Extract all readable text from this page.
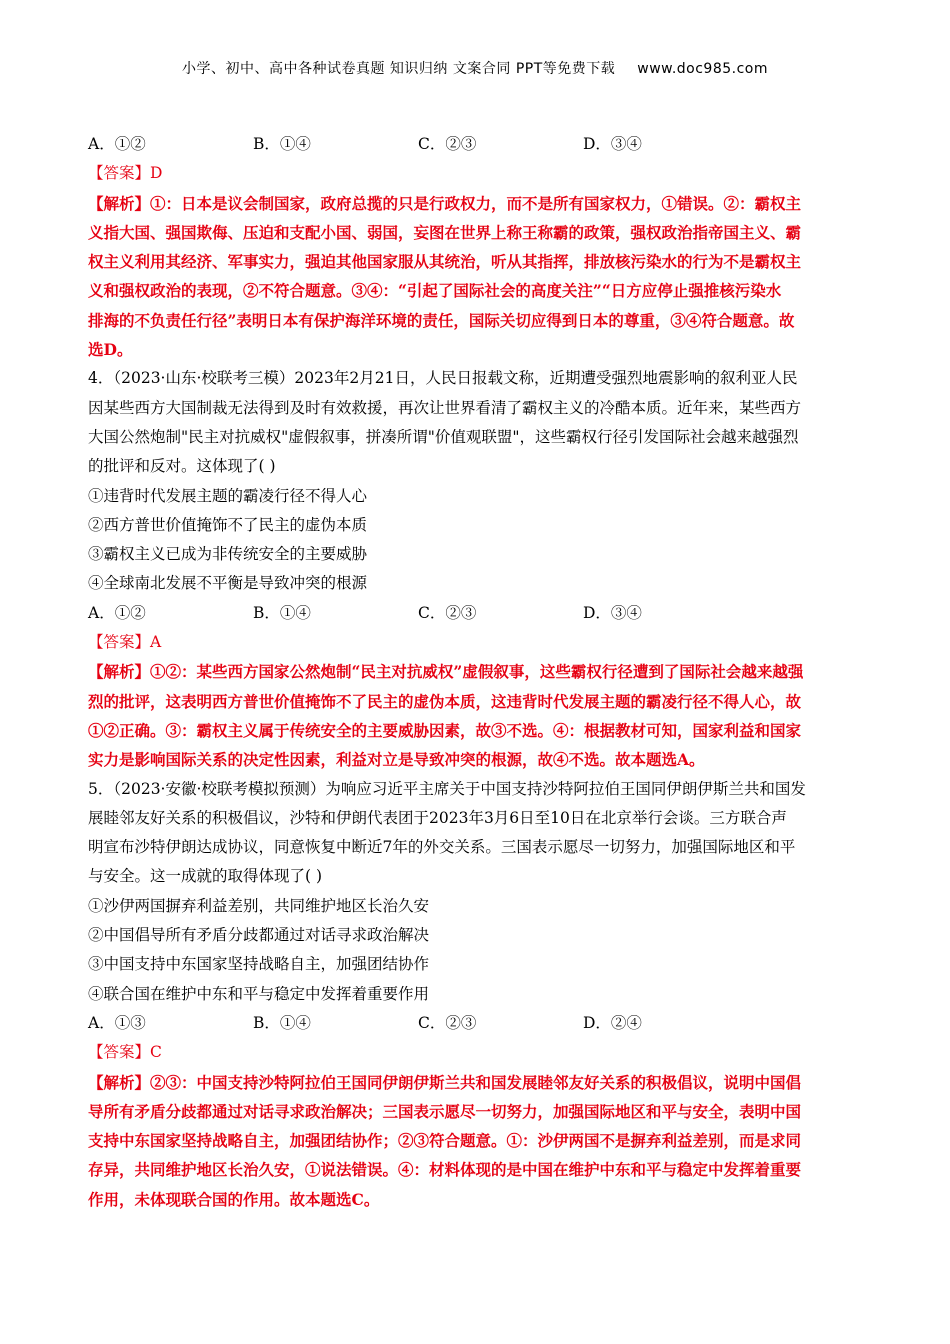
小学、初中、高中各种试卷真题 知识归纳 文案合同 PPT等免费下载 www.doc985.com
A．①②	B．①④	C．②③	D．③④
【答案】D
【解析】①：日本是议会制国家，政府总揽的只是行政权力，而不是所有国家权力，①错误。②：霸权主
义指大国、强国欺侮、压迫和支配小国、弱国，妄图在世界上称王称霸的政策，强权政治指帝国主义、霸
权主义利用其经济、军事实力，强迫其他国家服从其统治，听从其指挥，排放核污染水的行为不是霸权主
义和强权政治的表现，②不符合题意。③④：“引起了国际社会的高度关注”“日方应停止强推核污染水
排海的不负责任行径”表明日本有保护海洋环境的责任，国际关切应得到日本的尊重，③④符合题意。故
选D。
4．（2023·山东·校联考三模）2023年2月21日，人民日报载文称，近期遭受强烈地震影响的叙利亚人民
因某些西方大国制裁无法得到及时有效救援，再次让世界看清了霸权主义的冷酷本质。近年来，某些西方
大国公然炮制"民主对抗威权"虚假叙事，拼凑所谓"价值观联盟"，这些霸权行径引发国际社会越来越强烈
的批评和反对。这体现了( )
①违背时代发展主题的霸凌行径不得人心
②西方普世价值掩饰不了民主的虚伪本质
③霸权主义已成为非传统安全的主要威胁
④全球南北发展不平衡是导致冲突的根源
A．①②	B．①④	C．②③	D．③④
【答案】A
【解析】①②：某些西方国家公然炮制“民主对抗威权”虚假叙事，这些霸权行径遭到了国际社会越来越强
烈的批评，这表明西方普世价值掩饰不了民主的虚伪本质，这违背时代发展主题的霸凌行径不得人心，故
①②正确。③：霸权主义属于传统安全的主要威胁因素，故③不选。④：根据教材可知，国家利益和国家
实力是影响国际关系的决定性因素，利益对立是导致冲突的根源，故④不选。故本题选A。
5．（2023·安徽·校联考模拟预测）为响应习近平主席关于中国支持沙特阿拉伯王国同伊朗伊斯兰共和国发
展睦邻友好关系的积极倡议，沙特和伊朗代表团于2023年3月6日至10日在北京举行会谈。三方联合声
明宣布沙特伊朗达成协议，同意恢复中断近7年的外交关系。三国表示愿尽一切努力，加强国际地区和平
与安全。这一成就的取得体现了( )
①沙伊两国摒弃利益差别，共同维护地区长治久安
②中国倡导所有矛盾分歧都通过对话寻求政治解决
③中国支持中东国家坚持战略自主，加强团结协作
④联合国在维护中东和平与稳定中发挥着重要作用
A．①③	B．①④	C．②③	D．②④
【答案】C
【解析】②③：中国支持沙特阿拉伯王国同伊朗伊斯兰共和国发展睦邻友好关系的积极倡议，说明中国倡
导所有矛盾分歧都通过对话寻求政治解决；三国表示愿尽一切努力，加强国际地区和平与安全，表明中国
支持中东国家坚持战略自主，加强团结协作；②③符合题意。①：沙伊两国不是摒弃利益差别，而是求同
存异，共同维护地区长治久安，①说法错误。④：材料体现的是中国在维护中东和平与稳定中发挥着重要
作用，未体现联合国的作用。故本题选C。
